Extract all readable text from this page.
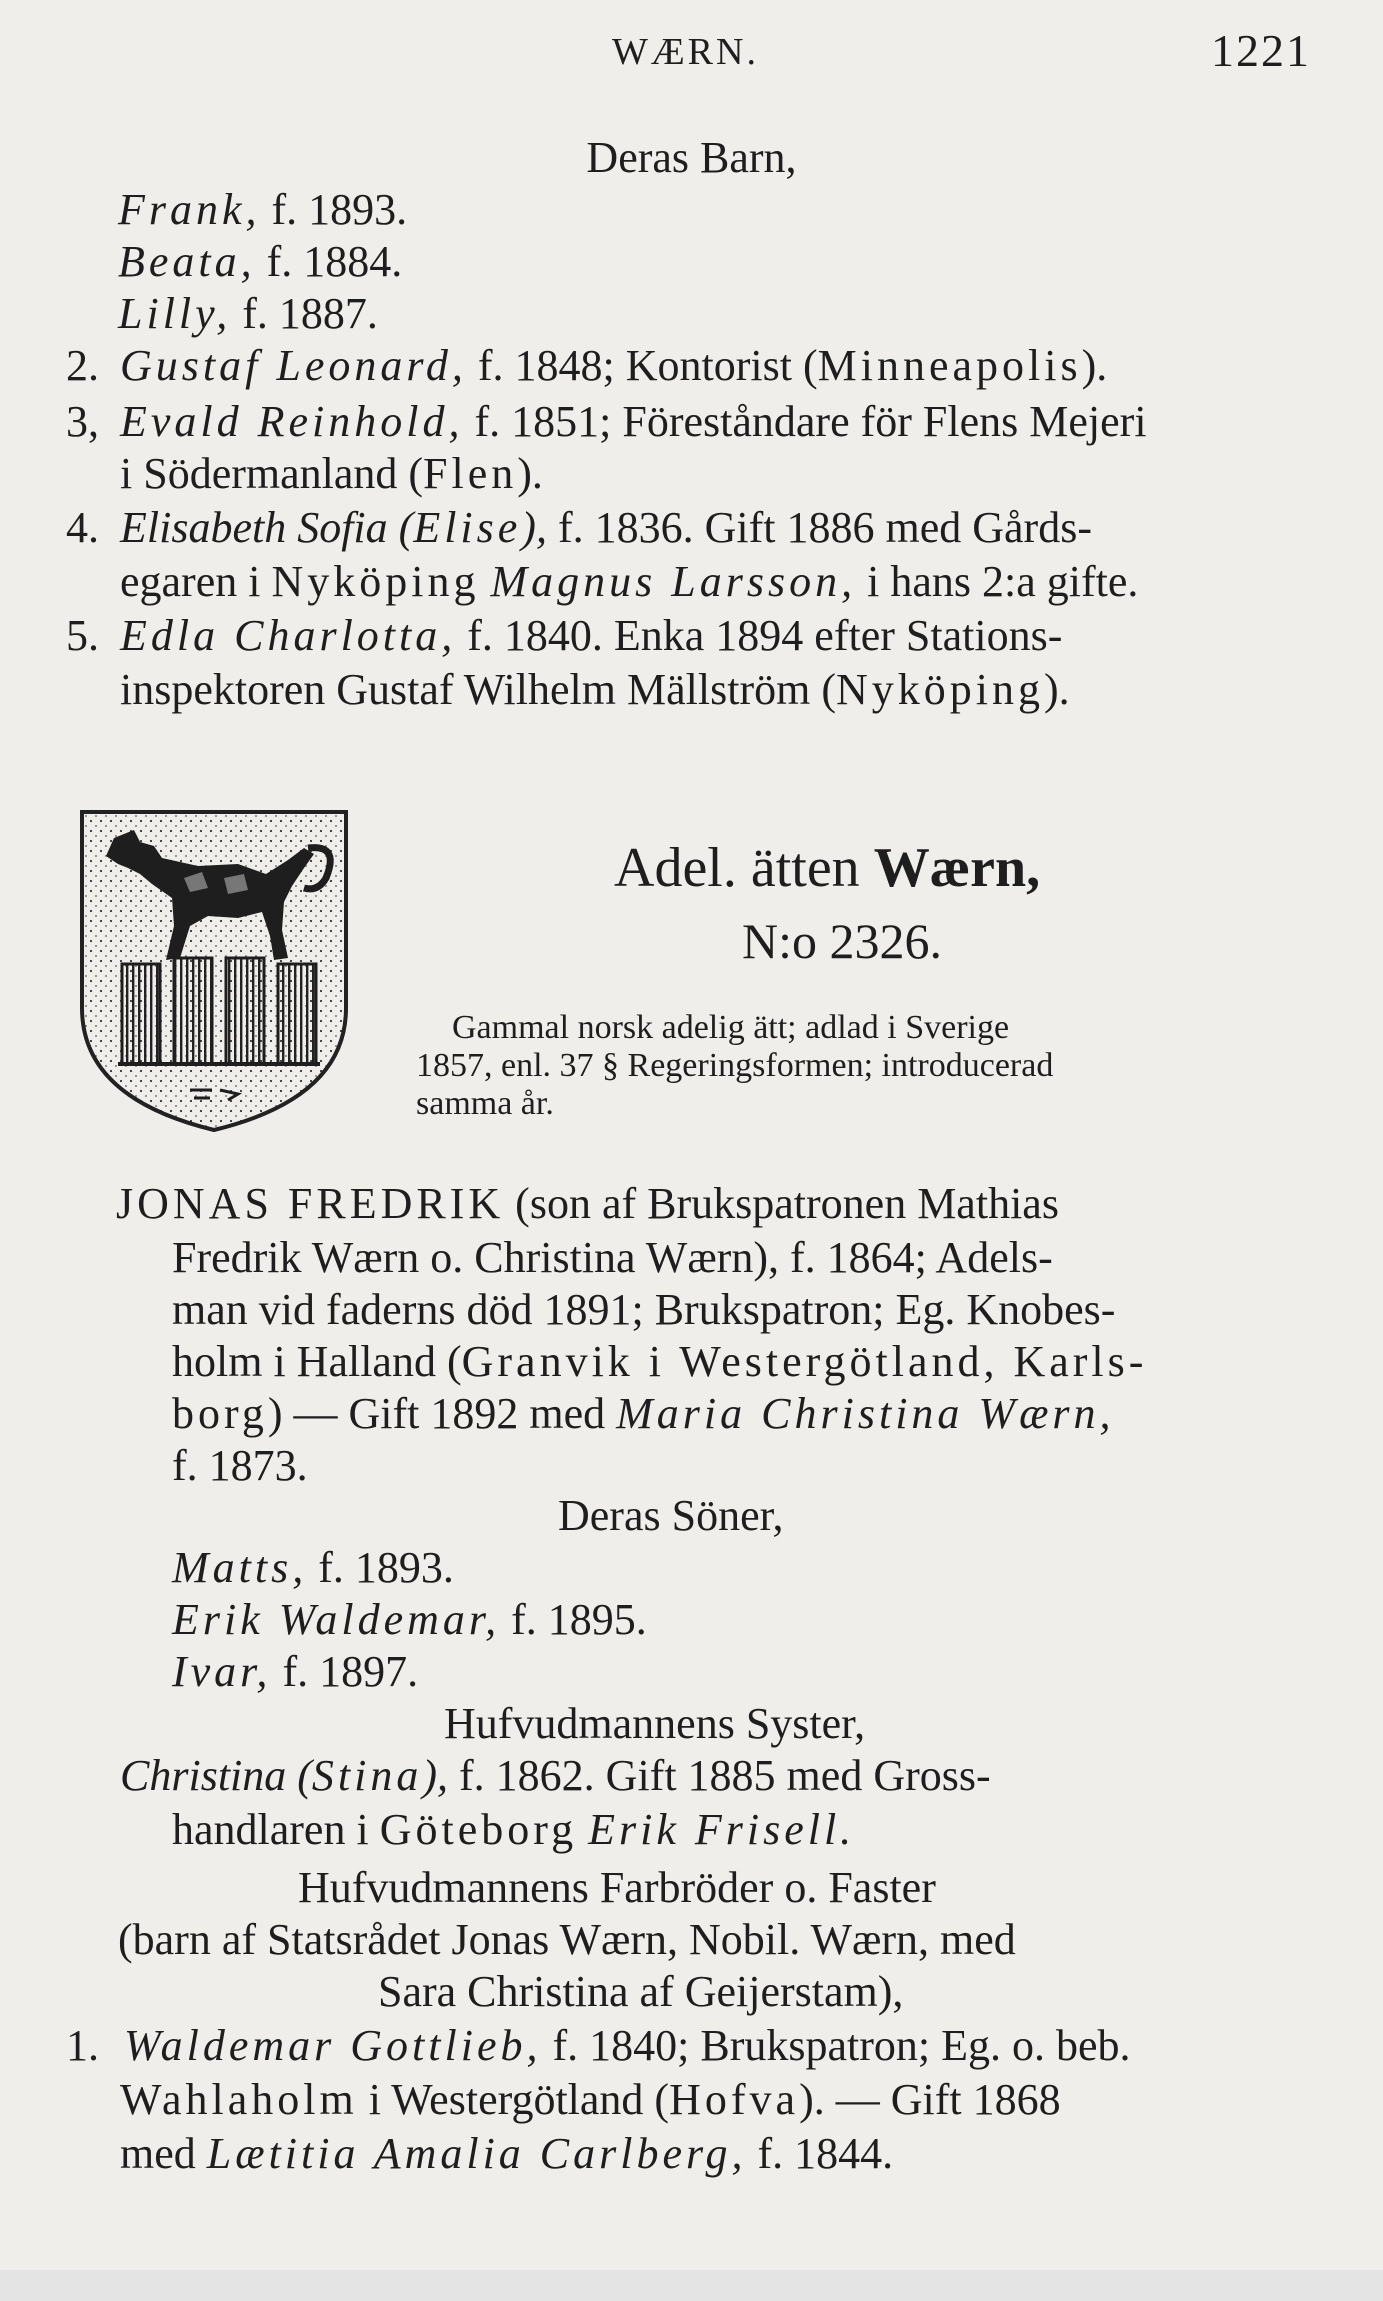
WÆRN.	1221
Deras Barn,
Frank, f. 1893.
Beata, f. 1884.
Lilly, f. 1887.
2. Gustaf Leonard, f. 1848; Kontorist (Minneapolis).
3, Evald Reinhold, f. 1851; Föreståndare för Flens Mejeri
i Södermanland (Flen).
4. Elisabeth Sofia (Elise), f. 1836. Gift 1886 med Gårds-
egaren i Nyköping Magnus Larsson, i hans 2:a gifte.
5. Edla Charlotta, f. 1840. Enka 1894 efter Stations-
inspektoren Gustaf Wilhelm Mällström (Nyköping).
Adel. ätten Wærn,
N:o 2326.
Gammal norsk adelig ätt; adlad i Sverige
1857, enl. 37 § Regeringsformen; introducerad
samma år.
JONAS FREDRIK (son af Brukspatronen Mathias
Fredrik Wærn o. Christina Wærn), f. 1864; Adels-
man vid faderns död 1891; Brukspatron; Eg. Knobes-
holm i Halland (Granvik i Westergötland, Karls-
borg) — Gift 1892 med Maria Christina Wærn,
f. 1873.
Deras Söner,
Matts, f. 1893.
Erik Waldemar, f. 1895.
Ivar, f. 1897.
Hufvudmannens Syster,
Christina (Stina), f. 1862. Gift 1885 med Gross-
handlaren i Göteborg Erik Frisell.
Hufvudmannens Farbröder o. Faster
(barn af Statsrådet Jonas Wærn, Nobil. Wærn, med
Sara Christina af Geijerstam),
1. Waldemar Gottlieb, f. 1840; Brukspatron; Eg. o. beb.
Wahlaholm i Westergötland (Hofva). — Gift 1868
med Lætitia Amalia Carlberg, f. 1844.
